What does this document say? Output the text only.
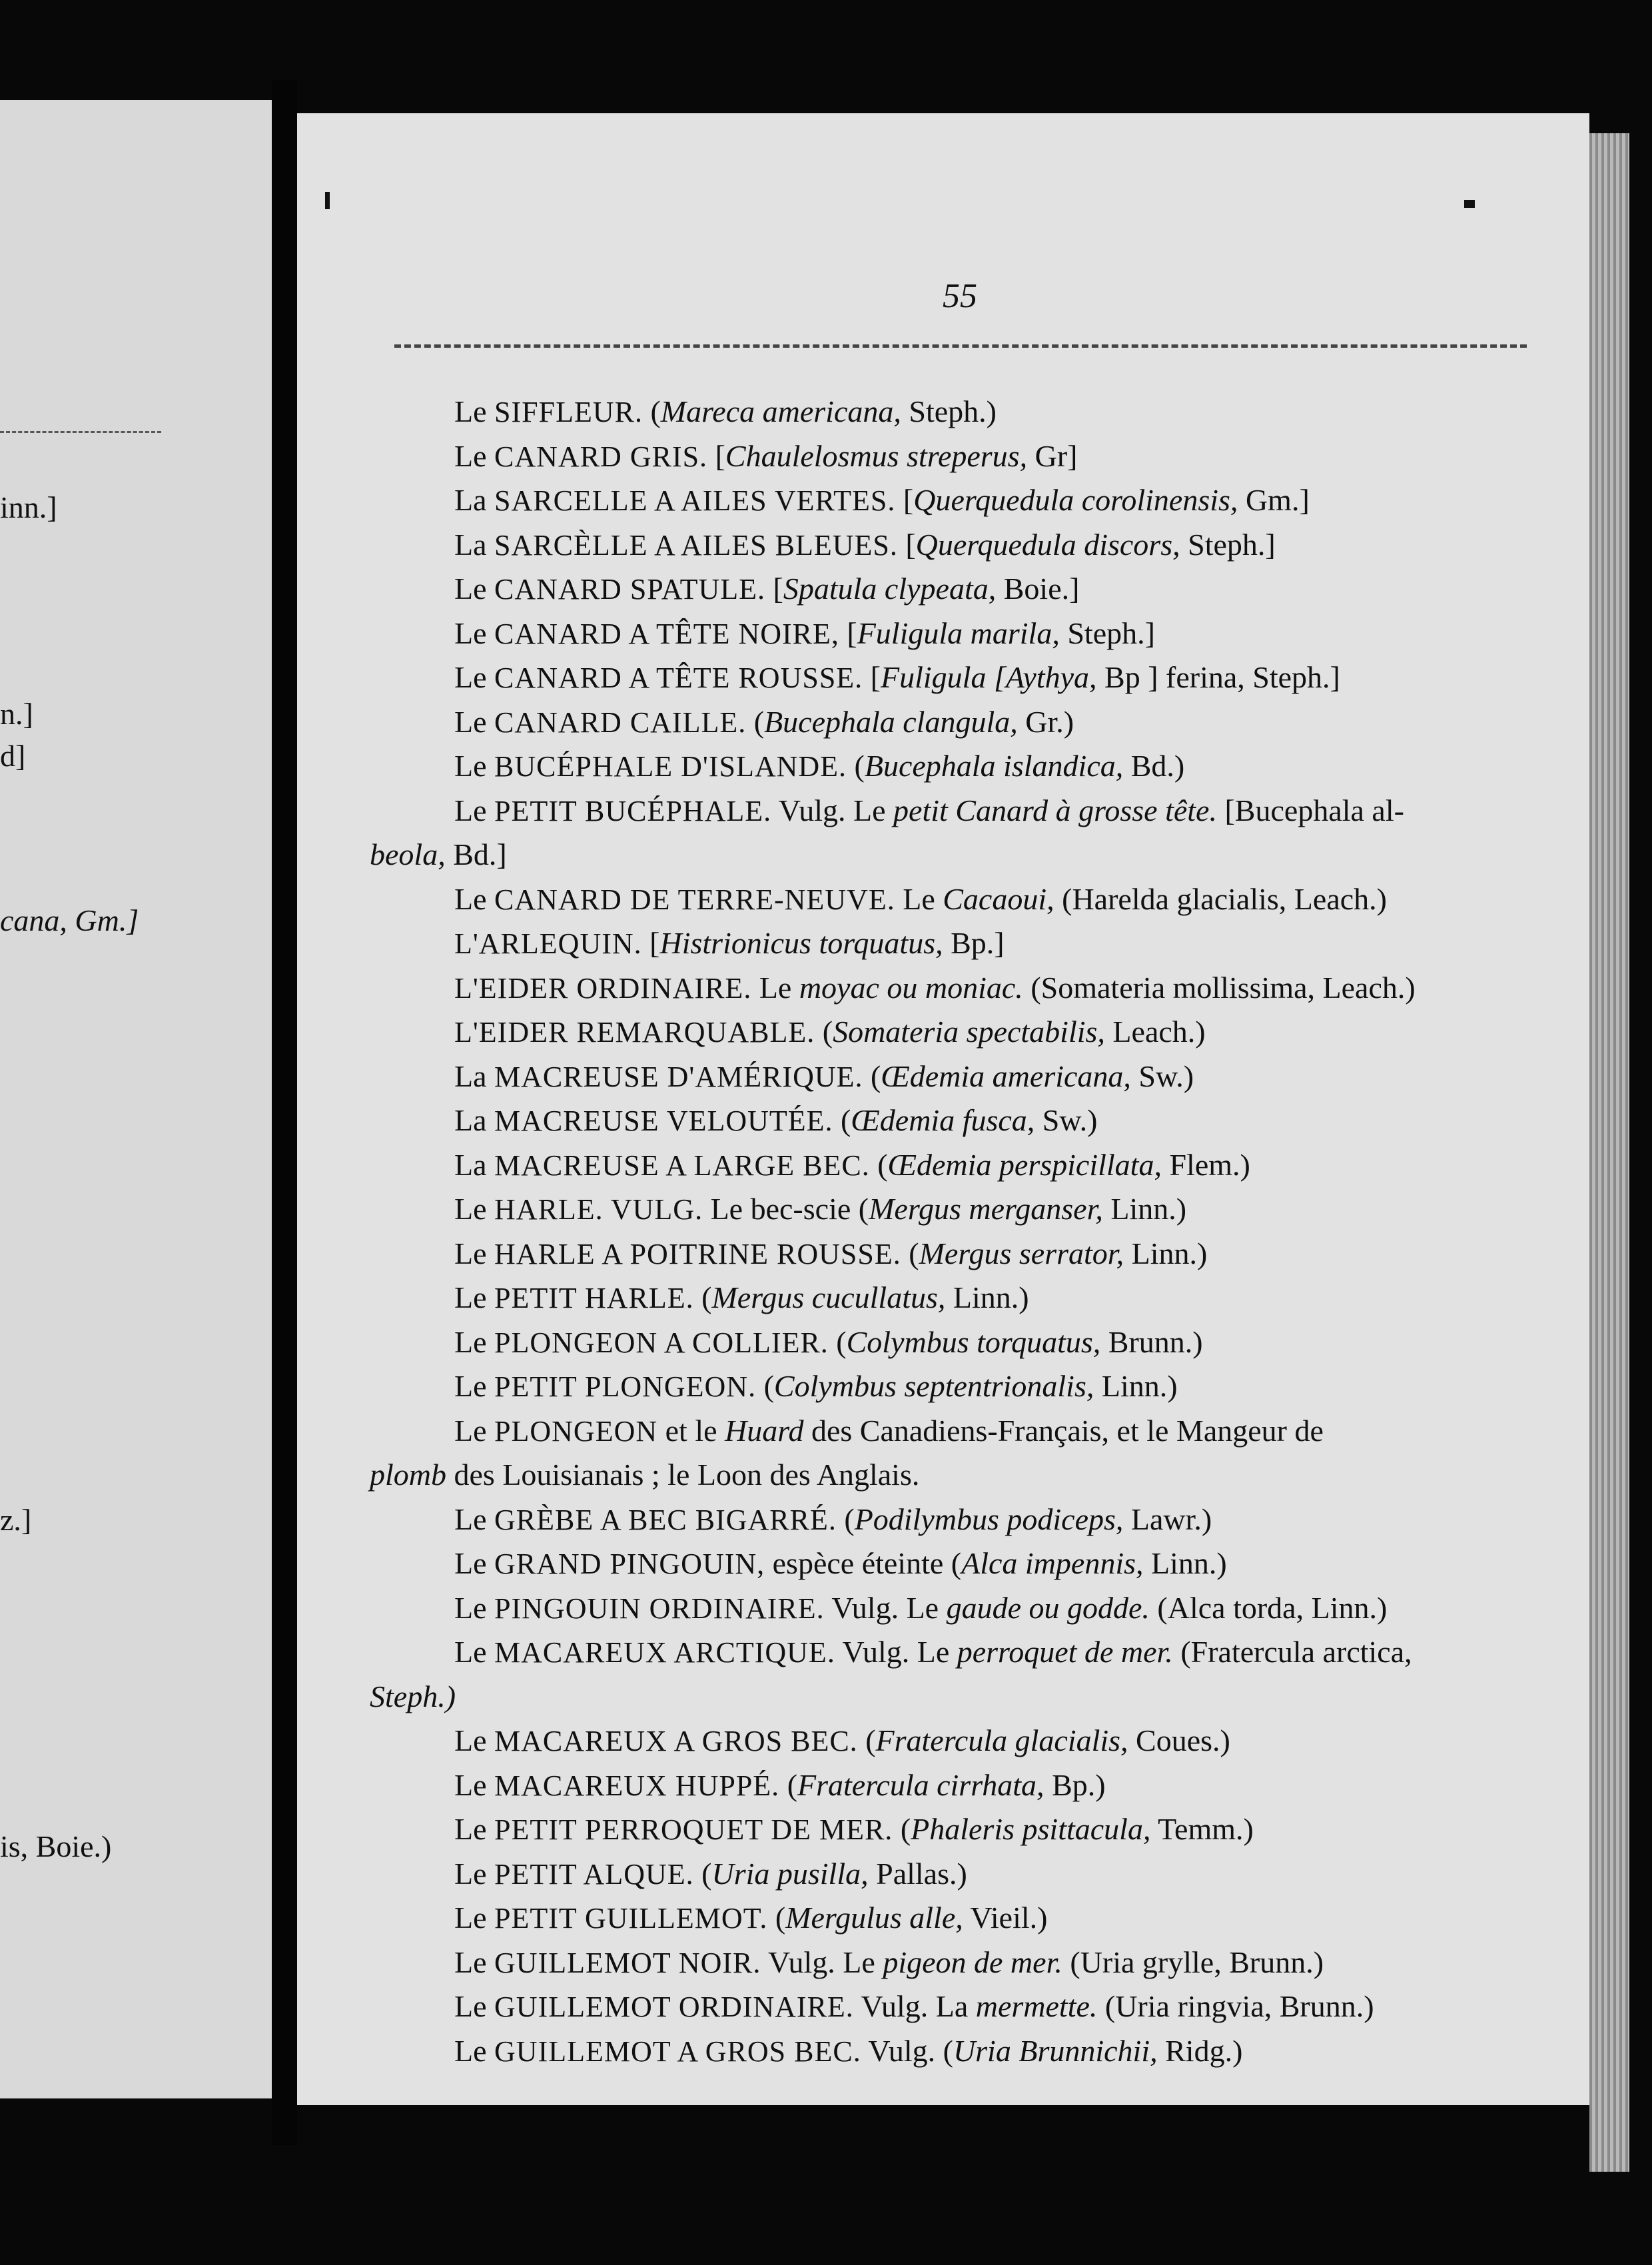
inn.]
n.]
d]
cana, Gm.]
z.]
is, Boie.)
55
Le SIFFLEUR. (Mareca americana, Steph.)
Le CANARD GRIS. [Chaulelosmus streperus, Gr]
La SARCELLE A AILES VERTES. [Querquedula corolinensis, Gm.]
La SARCÈLLE A AILES BLEUES. [Querquedula discors, Steph.]
Le CANARD SPATULE. [Spatula clypeata, Boie.]
Le CANARD A TÊTE NOIRE, [Fuligula marila, Steph.]
Le CANARD A TÊTE ROUSSE. [Fuligula [Aythya, Bp ] ferina, Steph.]
Le CANARD CAILLE. (Bucephala clangula, Gr.)
Le BUCÉPHALE D'ISLANDE. (Bucephala islandica, Bd.)
Le PETIT BUCÉPHALE. Vulg. Le petit Canard à grosse tête. [Bucephala al-
beola, Bd.]
Le CANARD DE TERRE-NEUVE. Le Cacaoui, (Harelda glacialis, Leach.)
L'ARLEQUIN. [Histrionicus torquatus, Bp.]
L'EIDER ORDINAIRE. Le moyac ou moniac. (Somateria mollissima, Leach.)
L'EIDER REMARQUABLE. (Somateria spectabilis, Leach.)
La MACREUSE D'AMÉRIQUE. (Œdemia americana, Sw.)
La MACREUSE VELOUTÉE. (Œdemia fusca, Sw.)
La MACREUSE A LARGE BEC. (Œdemia perspicillata, Flem.)
Le HARLE. VULG. Le bec-scie (Mergus merganser, Linn.)
Le HARLE A POITRINE ROUSSE. (Mergus serrator, Linn.)
Le PETIT HARLE. (Mergus cucullatus, Linn.)
Le PLONGEON A COLLIER. (Colymbus torquatus, Brunn.)
Le PETIT PLONGEON. (Colymbus septentrionalis, Linn.)
Le PLONGEON et le Huard des Canadiens-Français, et le Mangeur de
plomb des Louisianais ; le Loon des Anglais.
Le GRÈBE A BEC BIGARRÉ. (Podilymbus podiceps, Lawr.)
Le GRAND PINGOUIN, espèce éteinte (Alca impennis, Linn.)
Le PINGOUIN ORDINAIRE. Vulg. Le gaude ou godde. (Alca torda, Linn.)
Le MACAREUX ARCTIQUE. Vulg. Le perroquet de mer. (Fratercula arctica,
Steph.)
Le MACAREUX A GROS BEC. (Fratercula glacialis, Coues.)
Le MACAREUX HUPPÉ. (Fratercula cirrhata, Bp.)
Le PETIT PERROQUET DE MER. (Phaleris psittacula, Temm.)
Le PETIT ALQUE. (Uria pusilla, Pallas.)
Le PETIT GUILLEMOT. (Mergulus alle, Vieil.)
Le GUILLEMOT NOIR. Vulg. Le pigeon de mer. (Uria grylle, Brunn.)
Le GUILLEMOT ORDINAIRE. Vulg. La mermette. (Uria ringvia, Brunn.)
Le GUILLEMOT A GROS BEC. Vulg. (Uria Brunnichii, Ridg.)
